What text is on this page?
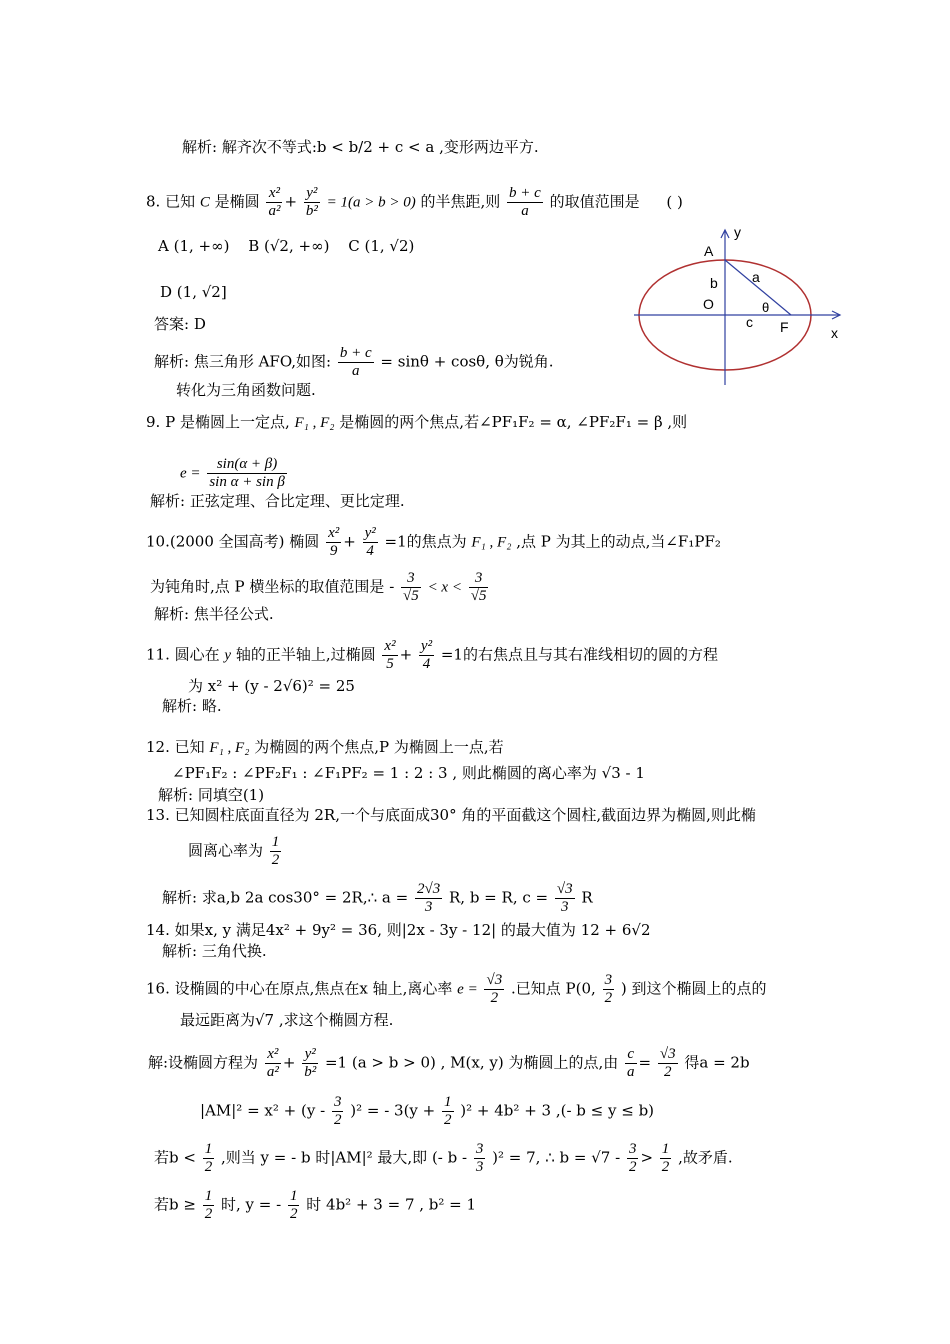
解析: 解齐次不等式:b < b/2 + c < a ,变形两边平方.
8. 已知 C 是椭圆 $\frac{\text{x²}}{\text{a²}} + \frac{\text{y²}}{\text{b²}} = 1(a > b > 0)$ 的半焦距,则 $\frac{b + c}{a}$ 的取值范围是 ( )
A (1, +∞) B (√2, +∞) C (1, √2)
D (1, √2]
答案: D
解析: 焦三角形 AFO,如图: $\frac{b + c}{a} = \sin\theta + \cos\theta$, θ为锐角.
转化为三角函数问题.
A
y
b a
O	θ
c F	x
9. P 是椭圆上一定点, F₁ , F₂ 是椭圆的两个焦点,若∠PF₁F₂ = α, ∠PF₂F₁ = β ,则
$e = \frac{\sin(\alpha + \beta)}{\text{sin α + sin β}}$
解析: 正弦定理、合比定理、更比定理.
10.(2000 全国高考) 椭圆 $\frac{\text{x²}}{9} + \frac{\text{y²}}{4} =1$的焦点为 F₁ , F₂ ,点 P 为其上的动点,当∠F₁PF₂
为钝角时,点 P 横坐标的取值范围是 - $\frac{3}{√5} < x < \frac{3}{√5}$
解析: 焦半径公式.
11. 圆心在 y 轴的正半轴上,过椭圆 $\frac{\text{x²}}{5} + \frac{\text{y²}}{4} =1$的右焦点且与其右准线相切的圆的方程
为 x² + (y - 2√6)² = 25
解析: 略.
12. 已知 F₁ , F₂ 为椭圆的两个焦点,P 为椭圆上一点,若
∠PF₁F₂ : ∠PF₂F₁ : ∠F₁PF₂ = 1 : 2 : 3 , 则此椭圆的离心率为 √3 - 1
解析: 同填空(1)
13. 已知圆柱底面直径为 2R,一个与底面成30° 角的平面截这个圆柱,截面边界为椭圆,则此椭
圆离心率为 $\frac{1}{2}$
解析: 求a,b 2a cos30° = 2R,∴ $a = \frac{2√3}{3} R$, b = R, $c = \frac{√3}{3}$ R
14. 如果x, y 满足4x² + 9y² = 36, 则|2x - 3y - 12| 的最大值为 12 + 6√2
解析: 三角代换.
16. 设椭圆的中心在原点,焦点在x 轴上,离心率 $e = \frac{√3}{2}$ .已知点 P(0, $\frac{3}{2}$ ) 到这个椭圆上的点的
最远距离为√7 ,求这个椭圆方程.
解:设椭圆方程为 $\frac{\text{x²}}{\text{a²}} + \frac{\text{y²}}{\text{b²}} =1$ (a > b > 0) , M(x, y) 为椭圆上的点,由 $\frac{c}{a} = \frac{√3}{2}$ 得a = 2b
$|AM|^2 = x^2 + (y - \frac{3}{2} )^2$ = - $3(y + \frac{1}{2} )^2 + 4b^2 + 3$ ,(- b ≤ y ≤ b)
若$b < \frac{1}{2}$ ,则当 y = - b 时|AM|² 最大,即 (- $b - \frac{3}{3} )^2 = 7$, ∴ $b = √7 - \frac{3}{2} > \frac{1}{2}$ ,故矛盾.
若$b \ge \frac{1}{2}$ 时, y = - $\frac{1}{2}$ 时 4b² + 3 = 7 , b² = 1
